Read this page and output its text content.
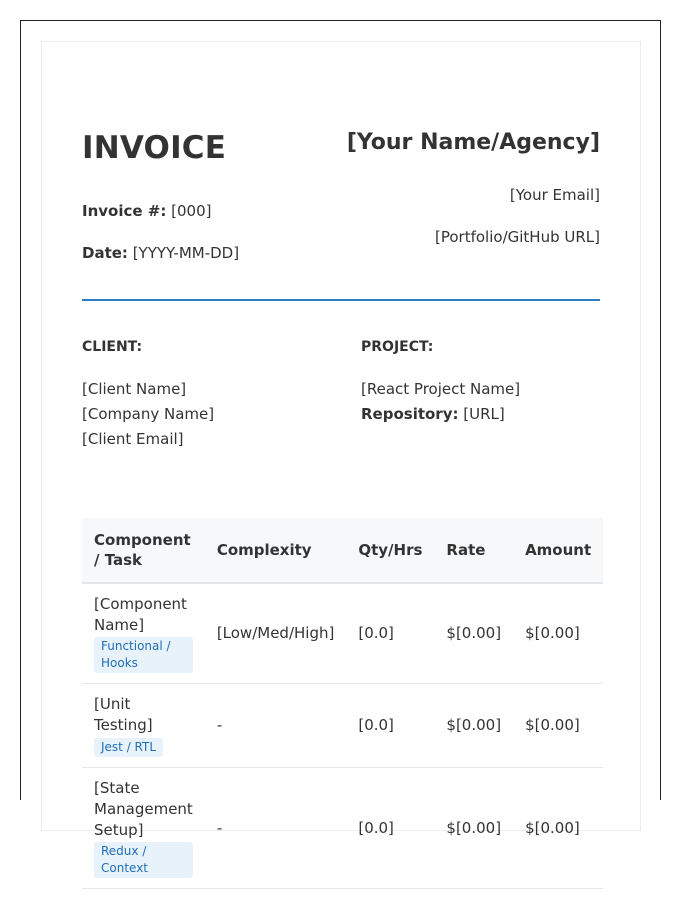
INVOICE
Invoice #: [000]
Date: [YYYY-MM-DD]
[Your Name/Agency]
[Your Email]
[Portfolio/GitHub URL]
CLIENT:
[Client Name]
[Company Name]
[Client Email]
PROJECT:
[React Project Name]
Repository: [URL]
Component / Task	Complexity	Qty/Hrs	Rate	Amount

[Component Name]
Functional / Hooks	[Low/Med/High]	[0.0]	$[0.00]	$[0.00]

[Unit Testing]
Jest / RTL	-	[0.0]	$[0.00]	$[0.00]

[State Management Setup]
Redux / Context	-	[0.0]	$[0.00]	$[0.00]
